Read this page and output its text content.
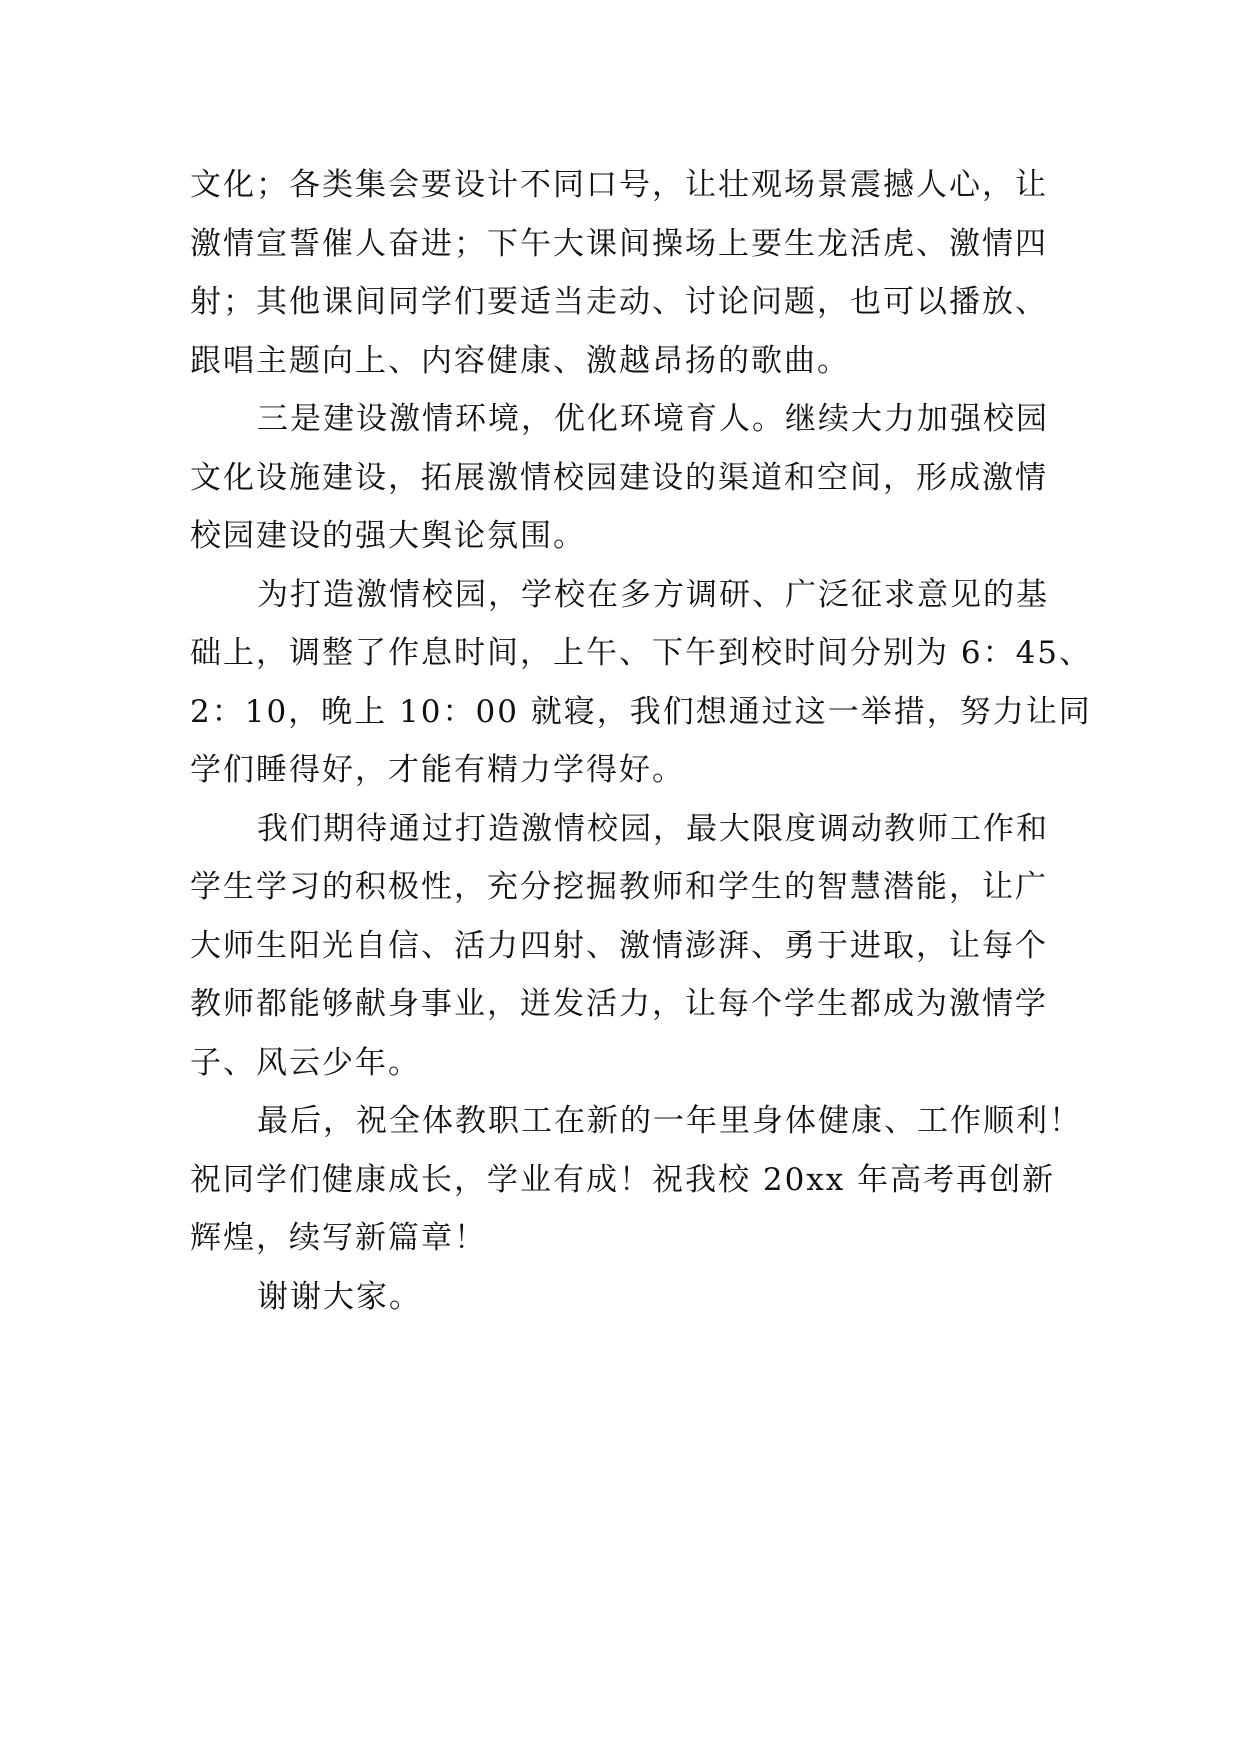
文化；各类集会要设计不同口号，让壮观场景震撼人心，让
激情宣誓催人奋进；下午大课间操场上要生龙活虎、激情四
射；其他课间同学们要适当走动、讨论问题，也可以播放、
跟唱主题向上、内容健康、激越昂扬的歌曲。
三是建设激情环境，优化环境育人。继续大力加强校园
文化设施建设，拓展激情校园建设的渠道和空间，形成激情
校园建设的强大舆论氛围。
为打造激情校园，学校在多方调研、广泛征求意见的基
础上，调整了作息时间，上午、下午到校时间分别为 6：45、
2：10，晚上 10：00 就寝，我们想通过这一举措，努力让同
学们睡得好，才能有精力学得好。
我们期待通过打造激情校园，最大限度调动教师工作和
学生学习的积极性，充分挖掘教师和学生的智慧潜能，让广
大师生阳光自信、活力四射、激情澎湃、勇于进取，让每个
教师都能够献身事业，迸发活力，让每个学生都成为激情学
子、风云少年。
最后，祝全体教职工在新的一年里身体健康、工作顺利！
祝同学们健康成长，学业有成！祝我校 20xx 年高考再创新
辉煌，续写新篇章！
谢谢大家。
